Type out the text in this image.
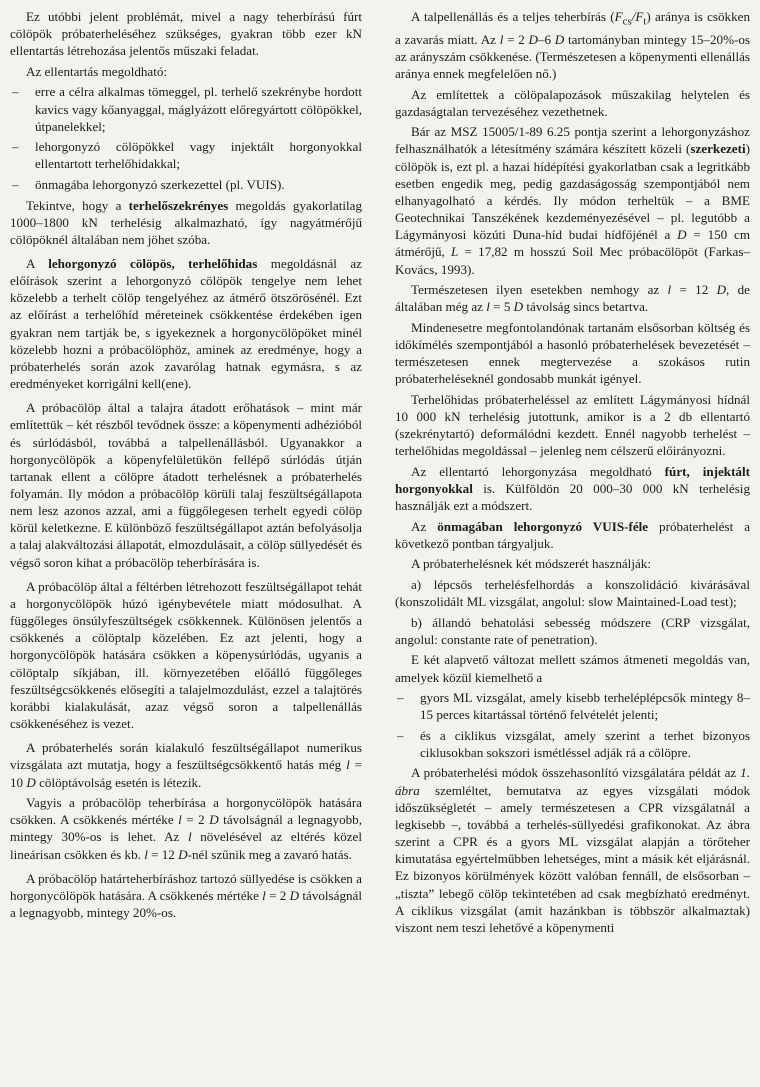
Ez utóbbi jelent problémát, mivel a nagy teherbírású fúrt cölöpök próbaterheléséhez szükséges, gyakran több ezer kN ellentartás létrehozása jelentős műszaki feladat.

Az ellentartás megoldható:

– erre a célra alkalmas tömeggel, pl. terhelő szekrénybe hordott kavics vagy kőanyaggal, máglyázott előregyártott cölöpökkel, útpanelekkel;

– lehorgonyzó cölöpökkel vagy injektált horgonyokkal ellentartott terhelőhidakkal;

– önmagába lehorgonyzó szerkezettel (pl. VUIS).

Tekintve, hogy a terhelőszekrényes megoldás gyakorlatilag 1000–1800 kN terhelésig alkalmazható, így nagyátmérőjű cölöpöknél általában nem jöhet szóba.

A lehorgonyzó cölöpös, terhelőhidas megoldásnál az előírások szerint a lehorgonyzó cölöpök tengelye nem lehet közelebb a terhelt cölöp tengelyéhez az átmérő ötszörösénél. Ezt az előírást a terhelőhíd méreteinek csökkentése érdekében igen gyakran nem tartják be, s igyekeznek a horgonycölöpöket minél közelebb hozni a próbacölöphöz, aminek az eredménye, hogy a próbaterhelés során azok zavarólag hatnak egymásra, s az eredményeket korrigálni kell(ene).

A próbacölöp által a talajra átadott erőhatások – mint már említettük – két részből tevődnek össze: a köpenymenti adhézióból és súrlódásból, továbbá a talpellenállásból. Ugyanakkor a horgonycölöpök a köpenyfelületükön fellépő súrlódás útján tartanak ellent a cölöpre átadott terhelésnek a próbaterhelés folyamán. Ily módon a próbacölöp körüli talaj feszültségállapota nem lesz azonos azzal, ami a függőlegesen terhelt egyedi cölöp körül keletkezne. E különböző feszültségállapot aztán befolyásolja a talaj alakváltozási állapotát, elmozdulásait, a cölöp süllyedését és végső soron kihat a próbacölöp teherbírására is.

A próbacölöp által a féltérben létrehozott feszültségállapot tehát a horgonycölöpök húzó igénybevétele miatt módosulhat. A függőleges önsúlyfeszültségek csökkennek. Különösen jelentős a csökkenés a cölöptalp közelében. Ez azt jelenti, hogy a horgonycölöpök hatására csökken a köpenysúrlódás, ugyanis a cölöptalp síkjában, ill. környezetében előálló függőleges feszültségcsökkenés elősegíti a talajelmozdulást, ezzel a talajtörés korábbi kialakulását, azaz végső soron a talpellenállás csökkenéséhez is vezet.

A próbaterhelés során kialakuló feszültségállapot numerikus vizsgálata azt mutatja, hogy a feszültségcsökkentő hatás még l = 10 D cölöptávolság esetén is létezik.

Vagyis a próbacölöp teherbírása a horgonycölöpök hatására csökken. A csökkenés mértéke l = 2 D távolságnál a legnagyobb, mintegy 30%-os is lehet. Az l növelésével az eltérés közel lineárisan csökken és kb. l = 12 D-nél szűnik meg a zavaró hatás.

A próbacölöp határteherbíráshoz tartozó süllyedése is csökken a horgonycölöpök hatására. A csökkenés mértéke l = 2 D távolságnál a legnagyobb, mintegy 20%-os.

A talpellenállás és a teljes teherbírás $(F_{cs}/F_t)$ aránya is csökken a zavarás miatt. Az l = 2 D–6 D tartományban mintegy 15–20%-os az arányszám csökkenése. (Természetesen a köpenymenti ellenállás aránya ennek megfelelően nő.)

Az említettek a cölöpalapozások műszakilag helytelen és gazdaságtalan tervezéséhez vezethetnek.

Bár az MSZ 15005/1-89 6.25 pontja szerint a lehorgonyzáshoz felhasználhatók a létesítmény számára készített közeli (szerkezeti) cölöpök is, ezt pl. a hazai hídépítési gyakorlatban csak a legritkább esetben engedik meg, pedig gazdaságosság szempontjából nem elhanyagolható a kérdés. Ily módon terheltük – a BME Geotechnikai Tanszékének kezdeményezésével – pl. legutóbb a Lágymányosi közúti Duna-híd budai hídfőjénél a D = 150 cm átmérőjű, L = 17,82 m hosszú Soil Mec próbacölöpöt (Farkas–Kovács, 1993).

Természetesen ilyen esetekben nemhogy az l = 12 D, de általában még az l = 5 D távolság sincs betartva.

Mindenesetre megfontolandónak tartanám elsősorban költség és időkímélés szempontjából a hasonló próbaterhelések bevezetését – természetesen ennek megtervezése a szokásos rutin próbaterheléseknél gondosabb munkát igényel.

Terhelőhidas próbaterheléssel az említett Lágymányosi hídnál 10 000 kN terhelésig jutottunk, amikor is a 2 db ellentartó (szekrénytartó) deformálódni kezdett. Ennél nagyobb terhelést – terhelőhidas megoldással – jelenleg nem célszerű előirányozni.

Az ellentartó lehorgonyzása megoldható fúrt, injektált horgonyokkal is. Külföldön 20 000–30 000 kN terhelésig használják ezt a módszert.

Az önmagában lehorgonyzó VUIS-féle próbaterhelést a következő pontban tárgyaljuk.

A próbaterhelésnek két módszerét használják:

a) lépcsős terhelésfelhordás a konszolidáció kivárásával (konszolidált ML vizsgálat, angolul: slow Maintained-Load test);

b) állandó behatolási sebesség módszere (CRP vizsgálat, angolul: constante rate of penetration).

E két alapvető változat mellett számos átmeneti megoldás van, amelyek közül kiemelhető a

– gyors ML vizsgálat, amely kisebb terheléplépcsők mintegy 8–15 perces kitartással történő felvételét jelenti;

– és a ciklikus vizsgálat, amely szerint a terhet bizonyos ciklusokban sokszori ismétléssel adják rá a cölöpre.

A próbaterhelési módok összehasonlító vizsgálatára példát az 1. ábra szemléltet, bemutatva az egyes vizsgálati módok időszükségletét – amely természetesen a CPR vizsgálatnál a legkisebb –, továbbá a terhelés-süllyedési grafikonokat. Az ábra szerint a CPR és a gyors ML vizsgálat alapján a törőteher kimutatása egyértelműbben lehetséges, mint a másik két eljárásnál. Ez bizonyos körülmények között valóban fennáll, de elsősorban – „tiszta” lebegő cölöp tekintetében ad csak megbízható eredményt. A ciklikus vizsgálat (amit hazánkban is többször alkalmaztak) viszont nem teszi lehetővé a köpenymenti
